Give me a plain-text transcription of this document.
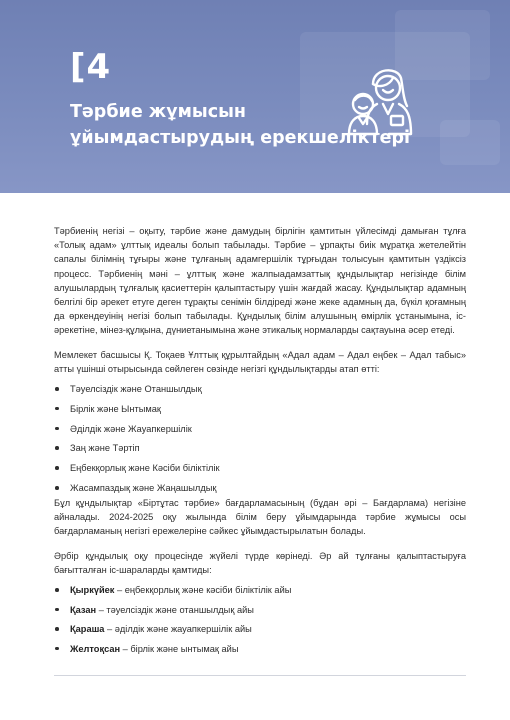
[4
Тәрбие жұмысын
ұйымдастырудың ерекшеліктері

Тәрбиенің негізі – оқыту, тәрбие және дамудың бірлігін қамтитын үйлесімді дамыған тұлға «Толық адам» ұлттық идеалы болып табылады. Тәрбие – ұрпақты биік мұратқа жетелейтін сапалы білімнің тұғыры және тұлғаның адамгершілік тұрғыдан толысуын қамтитын үздіксіз процесс. Тәрбиенің мәні – ұлттық және жалпыадамзаттық құндылықтар негізінде білім алушылардың тұлғалық қасиеттерін қалыптастыру үшін жағдай жасау. Құндылықтар адамның белгілі бір әрекет етуге деген тұрақты сенімін білдіреді және жеке адамның да, бүкіл қоғамның да өркендеуінің негізі болып табылады. Құндылық білім алушының өмірлік ұстанымына, іс-әрекетіне, мінез-құлқына, дүниетанымына және этикалық нормаларды сақтауына әсер етеді.

Мемлекет басшысы Қ. Тоқаев Ұлттық құрылтайдың «Адал адам – Адал еңбек – Адал табыс» атты үшінші отырысында сөйлеген сөзінде негізгі құндылықтарды атап өтті:

Тәуелсіздік және Отаншылдық
Бірлік және Ынтымақ
Әділдік және Жауапкершілік
Заң және Тәртіп
Еңбекқорлық және Кәсіби біліктілік
Жасампаздық және Жаңашылдық

Бұл құндылықтар «Біртұтас тәрбие» бағдарламасының (бұдан әрі – Бағдарлама) негізіне айналады. 2024-2025 оқу жылында білім беру ұйымдарында тәрбие жұмысы осы бағдарламаның негізгі ережелеріне сәйкес ұйымдастырылатын болады.

Әрбір құндылық оқу процесінде жүйелі түрде көрінеді. Әр ай тұлғаны қалыптастыруға бағытталған іс-шараларды қамтиды:

Қыркүйек – еңбекқорлық және кәсіби біліктілік айы
Қазан – тәуелсіздік және отаншылдық айы
Қараша – әділдік және жауапкершілік айы
Желтоқсан – бірлік және ынтымақ айы
